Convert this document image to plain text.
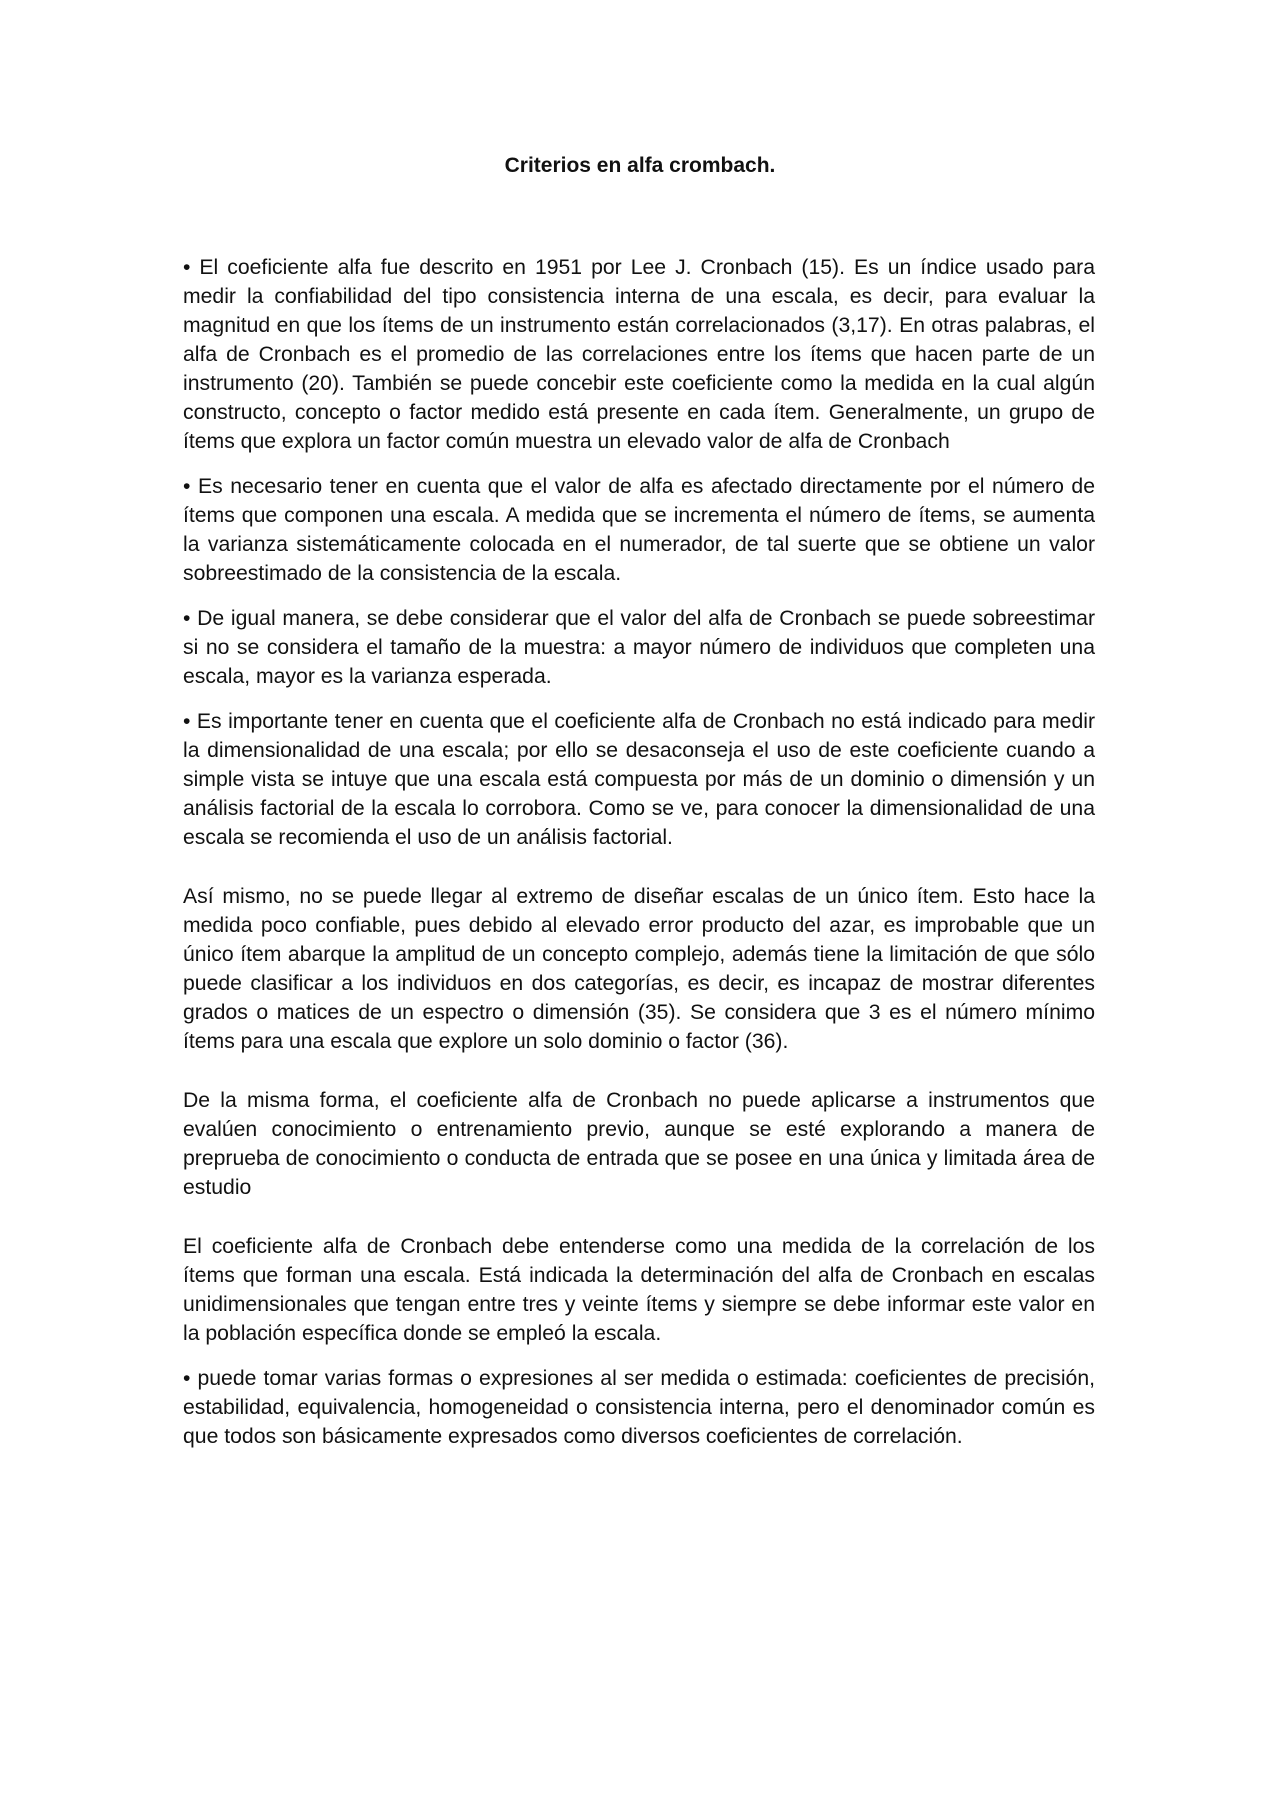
Criterios en alfa crombach.

• El coeficiente alfa fue descrito en 1951 por Lee J. Cronbach (15). Es un índice usado para medir la confiabilidad del tipo consistencia interna de una escala, es decir, para evaluar la magnitud en que los ítems de un instrumento están correlacionados (3,17). En otras palabras, el alfa de Cronbach es el promedio de las correlaciones entre los ítems que hacen parte de un instrumento (20). También se puede concebir este coeficiente como la medida en la cual algún constructo, concepto o factor medido está presente en cada ítem. Generalmente, un grupo de ítems que explora un factor común muestra un elevado valor de alfa de Cronbach

• Es necesario tener en cuenta que el valor de alfa es afectado directamente por el número de ítems que componen una escala. A medida que se incrementa el número de ítems, se aumenta la varianza sistemáticamente colocada en el numerador, de tal suerte que se obtiene un valor sobreestimado de la consistencia de la escala.

• De igual manera, se debe considerar que el valor del alfa de Cronbach se puede sobreestimar si no se considera el tamaño de la muestra: a mayor número de individuos que completen una escala, mayor es la varianza esperada.

• Es importante tener en cuenta que el coeficiente alfa de Cronbach no está indicado para medir la dimensionalidad de una escala; por ello se desaconseja el uso de este coeficiente cuando a simple vista se intuye que una escala está compuesta por más de un dominio o dimensión y un análisis factorial de la escala lo corrobora. Como se ve, para conocer la dimensionalidad de una escala se recomienda el uso de un análisis factorial.

Así mismo, no se puede llegar al extremo de diseñar escalas de un único ítem. Esto hace la medida poco confiable, pues debido al elevado error producto del azar, es improbable que un único ítem abarque la amplitud de un concepto complejo, además tiene la limitación de que sólo puede clasificar a los individuos en dos categorías, es decir, es incapaz de mostrar diferentes grados o matices de un espectro o dimensión (35). Se considera que 3 es el número mínimo ítems para una escala que explore un solo dominio o factor (36).

De la misma forma, el coeficiente alfa de Cronbach no puede aplicarse a instrumentos que evalúen conocimiento o entrenamiento previo, aunque se esté explorando a manera de preprueba de conocimiento o conducta de entrada que se posee en una única y limitada área de estudio

El coeficiente alfa de Cronbach debe entenderse como una medida de la correlación de los ítems que forman una escala. Está indicada la determinación del alfa de Cronbach en escalas unidimensionales que tengan entre tres y veinte ítems y siempre se debe informar este valor en la población específica donde se empleó la escala.

• puede tomar varias formas o expresiones al ser medida o estimada: coeficientes de precisión, estabilidad, equivalencia, homogeneidad o consistencia interna, pero el denominador común es que todos son básicamente expresados como diversos coeficientes de correlación.
